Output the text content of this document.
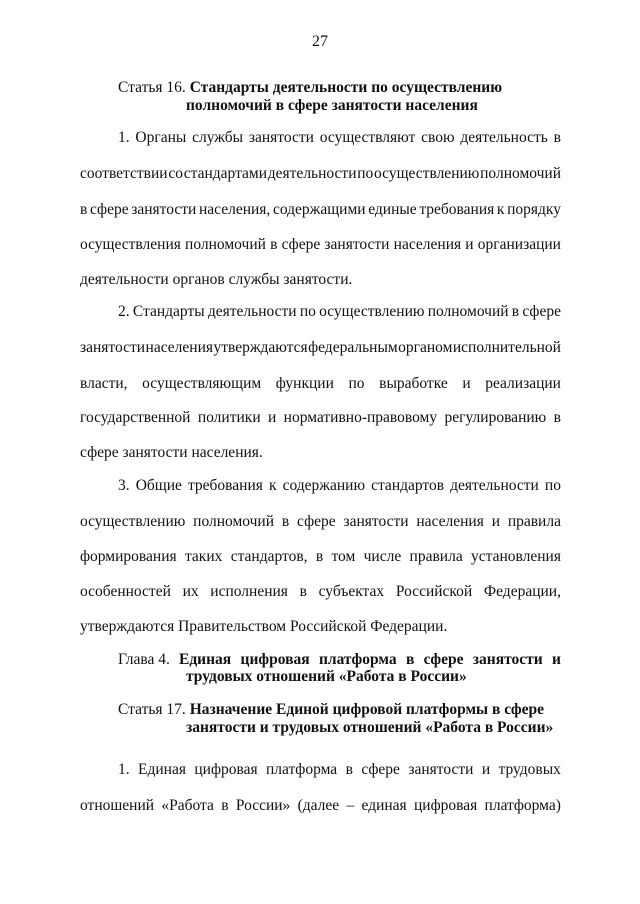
27
Статья 16. Стандарты деятельности по осуществлению
полномочий в сфере занятости населения
1. Органы службы занятости осуществляют свою деятельность в
соответствии со стандартами деятельности по осуществлению полномочий
в сфере занятости населения, содержащими единые требования к порядку
осуществления полномочий в сфере занятости населения и организации
деятельности органов службы занятости.
2. Стандарты деятельности по осуществлению полномочий в сфере
занятости населения утверждаются федеральным органом исполнительной
власти, осуществляющим функции по выработке и реализации
государственной политики и нормативно-правовому регулированию в
сфере занятости населения.
3. Общие требования к содержанию стандартов деятельности по
осуществлению полномочий в сфере занятости населения и правила
формирования таких стандартов, в том числе правила установления
особенностей их исполнения в субъектах Российской Федерации,
утверждаются Правительством Российской Федерации.
Глава 4. Единая цифровая платформа в сфере занятости и
трудовых отношений «Работа в России»
Статья 17. Назначение Единой цифровой платформы в сфере
занятости и трудовых отношений «Работа в России»
1. Единая цифровая платформа в сфере занятости и трудовых
отношений «Работа в России» (далее – единая цифровая платформа)
